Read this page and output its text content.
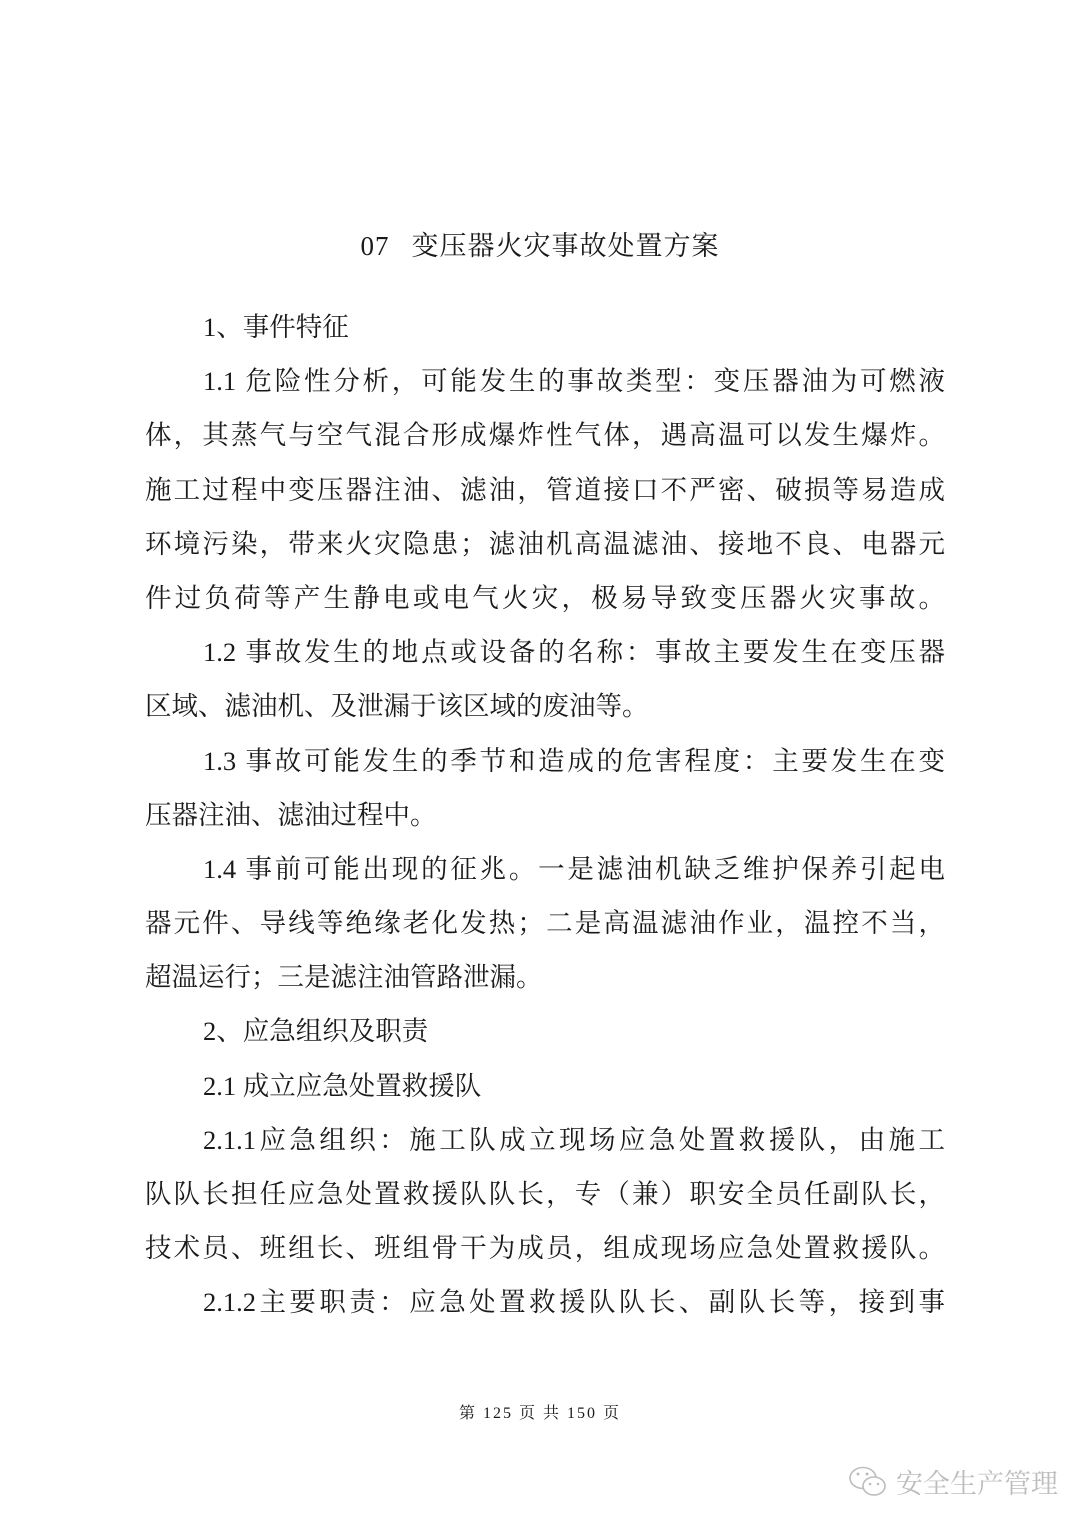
07 变压器火灾事故处置方案
1、事件特征
1.1 危险性分析，可能发生的事故类型：变压器油为可燃液
体，其蒸气与空气混合形成爆炸性气体，遇高温可以发生爆炸。
施工过程中变压器注油、滤油，管道接口不严密、破损等易造成
环境污染，带来火灾隐患；滤油机高温滤油、接地不良、电器元
件过负荷等产生静电或电气火灾，极易导致变压器火灾事故。
1.2 事故发生的地点或设备的名称：事故主要发生在变压器
区域、滤油机、及泄漏于该区域的废油等。
1.3 事故可能发生的季节和造成的危害程度：主要发生在变
压器注油、滤油过程中。
1.4 事前可能出现的征兆。一是滤油机缺乏维护保养引起电
器元件、导线等绝缘老化发热；二是高温滤油作业，温控不当，
超温运行；三是滤注油管路泄漏。
2、应急组织及职责
2.1 成立应急处置救援队
2.1.1应急组织：施工队成立现场应急处置救援队，由施工
队队长担任应急处置救援队队长，专（兼）职安全员任副队长，
技术员、班组长、班组骨干为成员，组成现场应急处置救援队。
2.1.2主要职责：应急处置救援队队长、副队长等，接到事
第 125 页 共 150 页
安全生产管理
